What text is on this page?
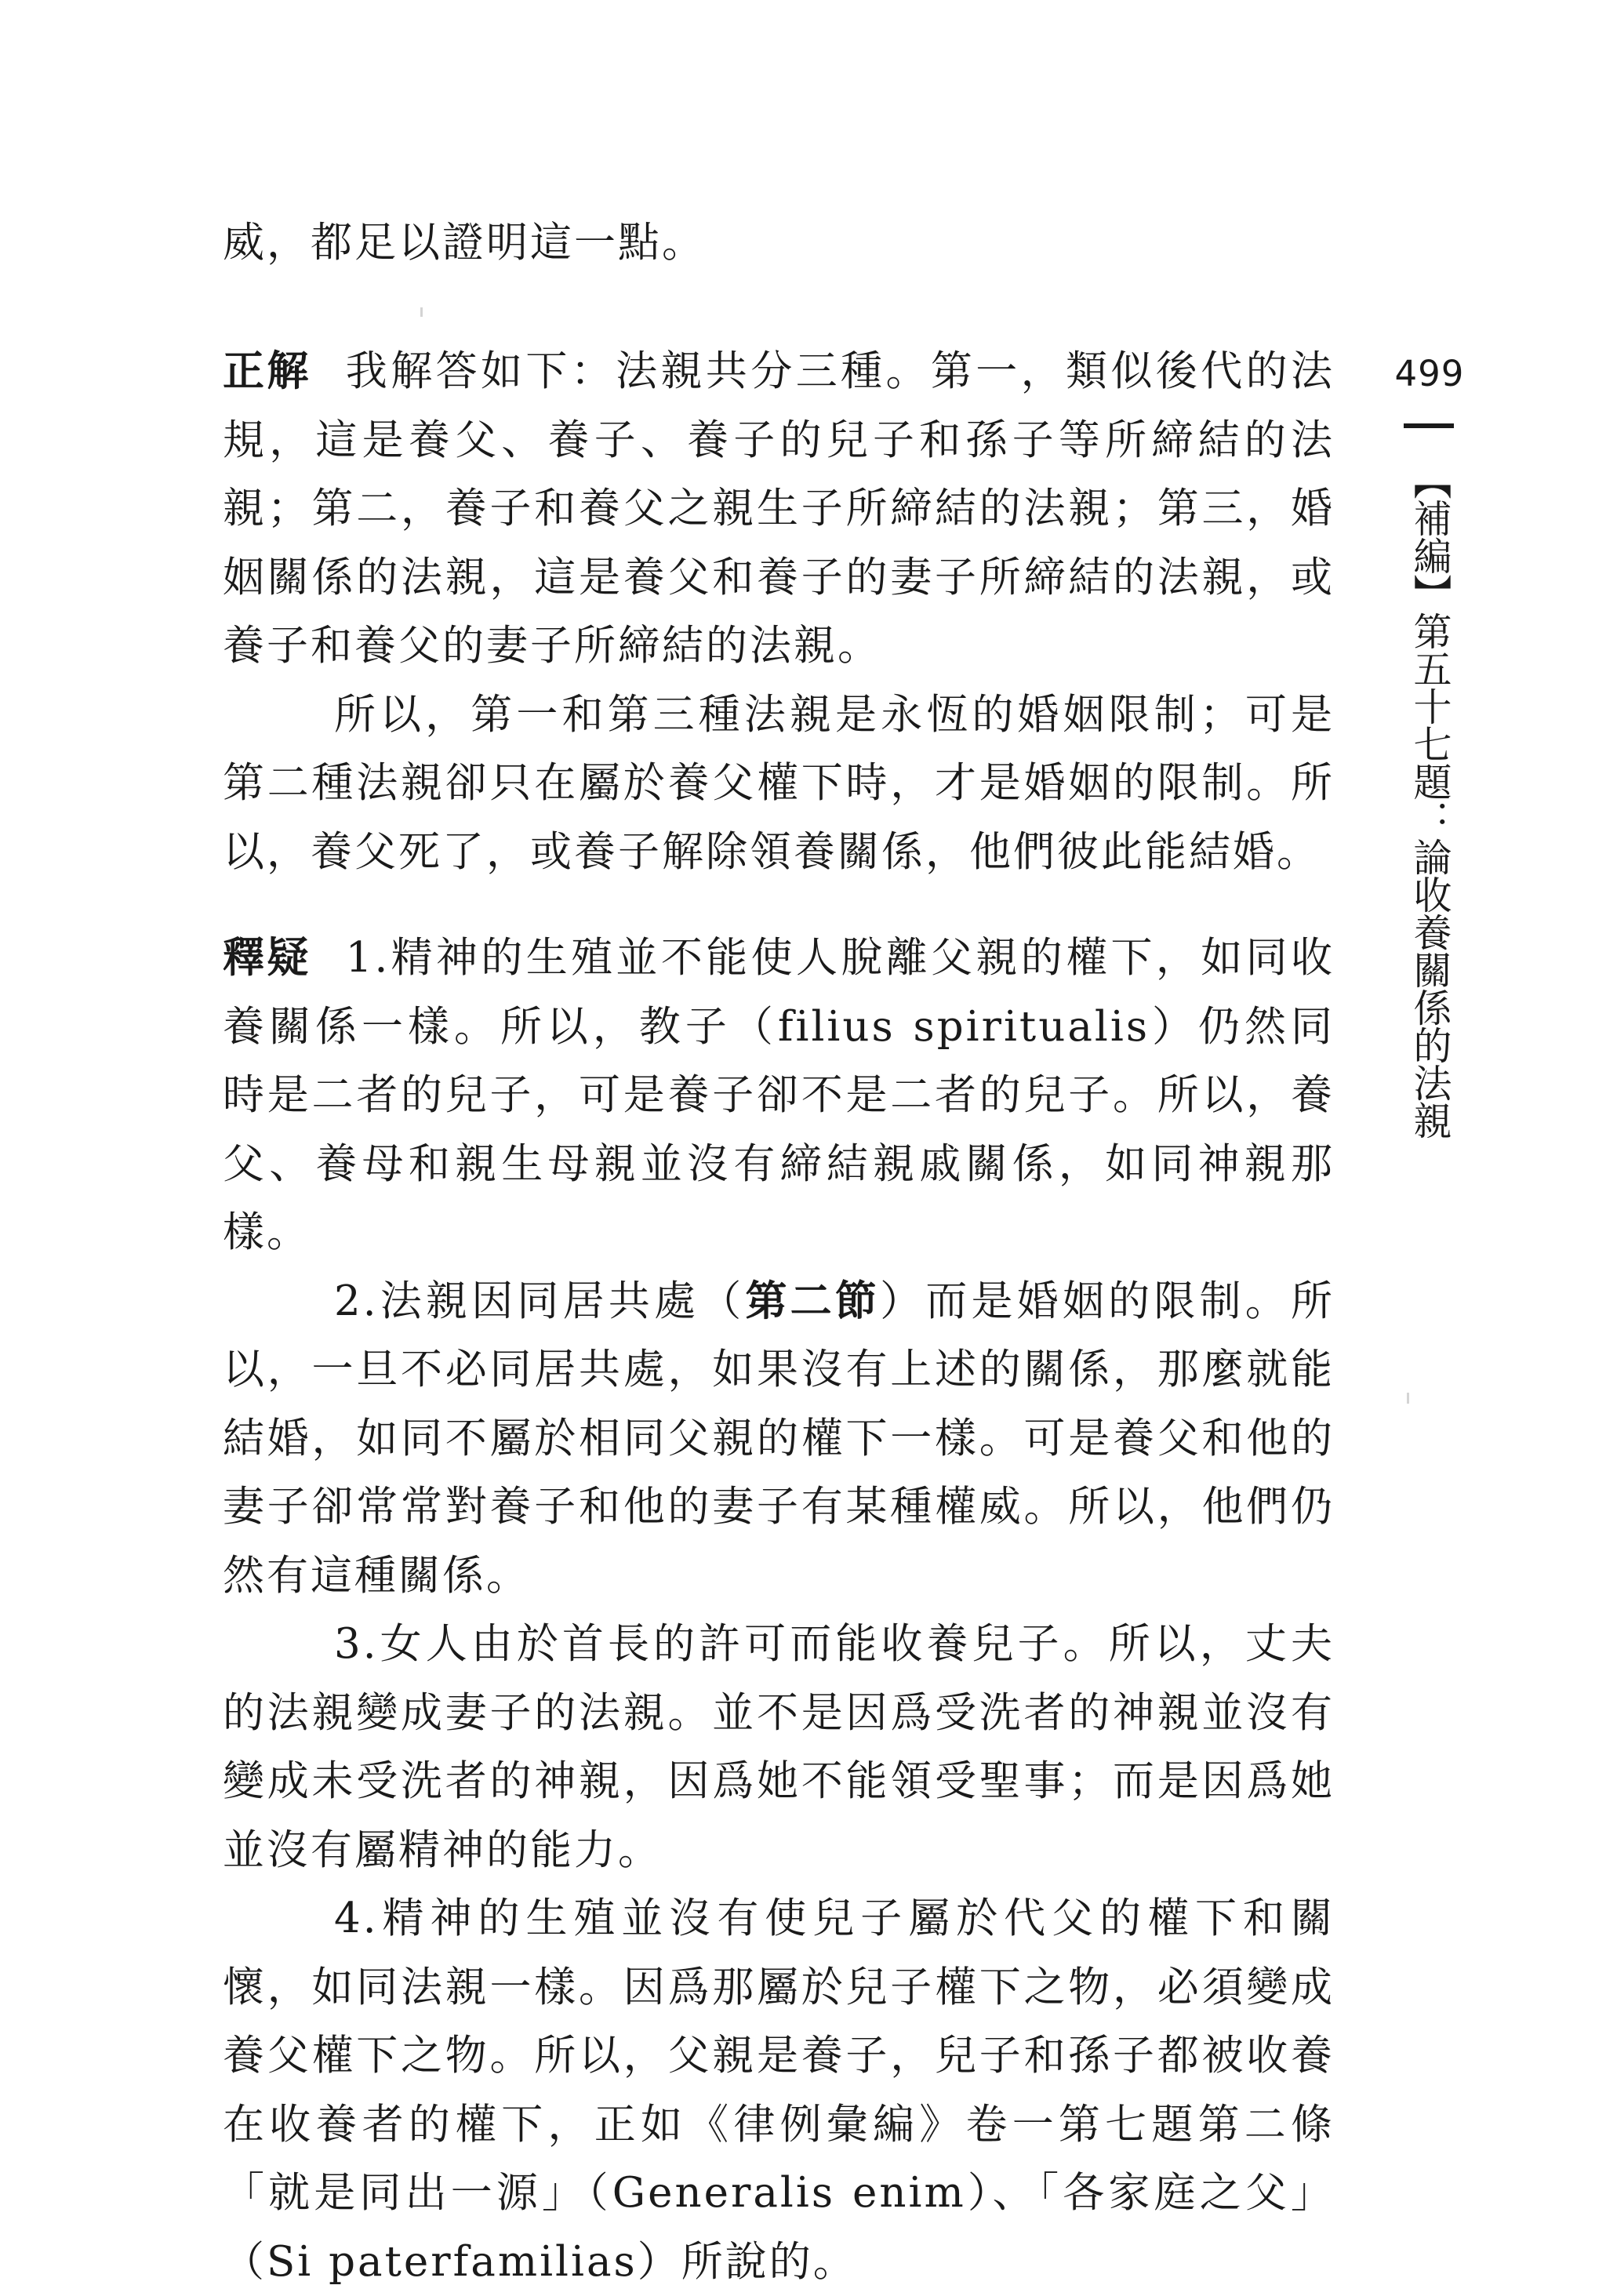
威，都足以證明這一點。

正解 我解答如下：法親共分三種。第一，類似後代的法規，這是養父、養子、養子的兒子和孫子等所締結的法親；第二，養子和養父之親生子所締結的法親；第三，婚姻關係的法親，這是養父和養子的妻子所締結的法親，或養子和養父的妻子所締結的法親。

所以，第一和第三種法親是永恆的婚姻限制；可是第二種法親卻只在屬於養父權下時，才是婚姻的限制。所以，養父死了，或養子解除領養關係，他們彼此能結婚。

釋疑 1.精神的生殖並不能使人脫離父親的權下，如同收養關係一樣。所以，教子（filius spiritualis）仍然同時是二者的兒子，可是養子卻不是二者的兒子。所以，養父、養母和親生母親並沒有締結親戚關係，如同神親那樣。

2.法親因同居共處（第二節）而是婚姻的限制。所以，一旦不必同居共處，如果沒有上述的關係，那麼就能結婚，如同不屬於相同父親的權下一樣。可是養父和他的妻子卻常常對養子和他的妻子有某種權威。所以，他們仍然有這種關係。

3.女人由於首長的許可而能收養兒子。所以，丈夫的法親變成妻子的法親。並不是因爲受洗者的神親並沒有變成未受洗者的神親，因爲她不能領受聖事；而是因爲她並沒有屬精神的能力。

4.精神的生殖並沒有使兒子屬於代父的權下和關懷，如同法親一樣。因爲那屬於兒子權下之物，必須變成養父權下之物。所以，父親是養子，兒子和孫子都被收養在收養者的權下，正如《律例彙編》卷一第七題第二條「就是同出一源」（Generalis enim）、「各家庭之父」（Si paterfamilias）所說的。

499
【補編】第五十七題：論收養關係的法親
